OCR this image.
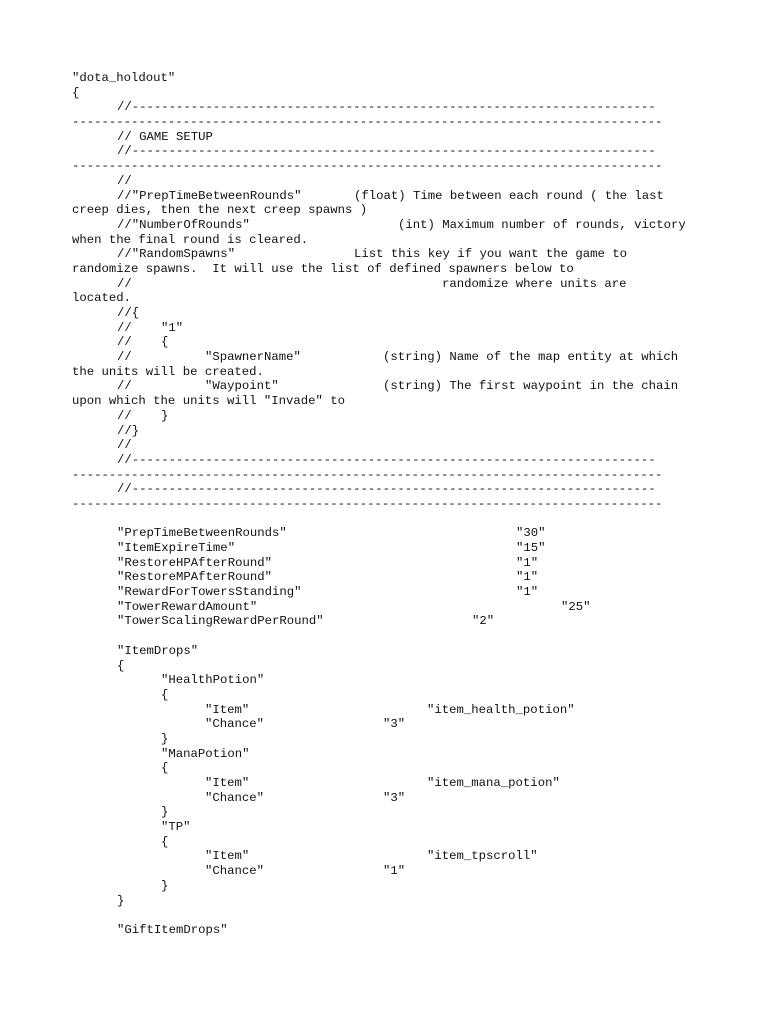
"dota_holdout"
{
//-----------------------------------------------------------------------
--------------------------------------------------------------------------------
// GAME SETUP
//-----------------------------------------------------------------------
--------------------------------------------------------------------------------
//
//"PrepTimeBetweenRounds"	(float) Time between each round ( the last
creep dies, then the next creep spawns )
//"NumberOfRounds"	(int) Maximum number of rounds, victory
when the final round is cleared.
//"RandomSpawns"	List this key if you want the game to
randomize spawns.  It will use the list of defined spawners below to
//	randomize where units are
located.
//{
// "1"
// {
//	"SpawnerName"	(string) Name of the map entity at which
the units will be created.
//	"Waypoint"	(string) The first waypoint in the chain
upon which the units will "Invade" to
// }
//}
//
//-----------------------------------------------------------------------
--------------------------------------------------------------------------------
//-----------------------------------------------------------------------
--------------------------------------------------------------------------------
"PrepTimeBetweenRounds"	"30"
"ItemExpireTime"	"15"
"RestoreHPAfterRound"	"1"
"RestoreMPAfterRound"	"1"
"RewardForTowersStanding"	"1"
"TowerRewardAmount"	"25"
"TowerScalingRewardPerRound"	"2"
"ItemDrops"
{
"HealthPotion"
{
"Item"	"item_health_potion"
"Chance"	"3"
}
"ManaPotion"
{
"Item"	"item_mana_potion"
"Chance"	"3"
}
"TP"
{
"Item"	"item_tpscroll"
"Chance"	"1"
}
}
"GiftItemDrops"
